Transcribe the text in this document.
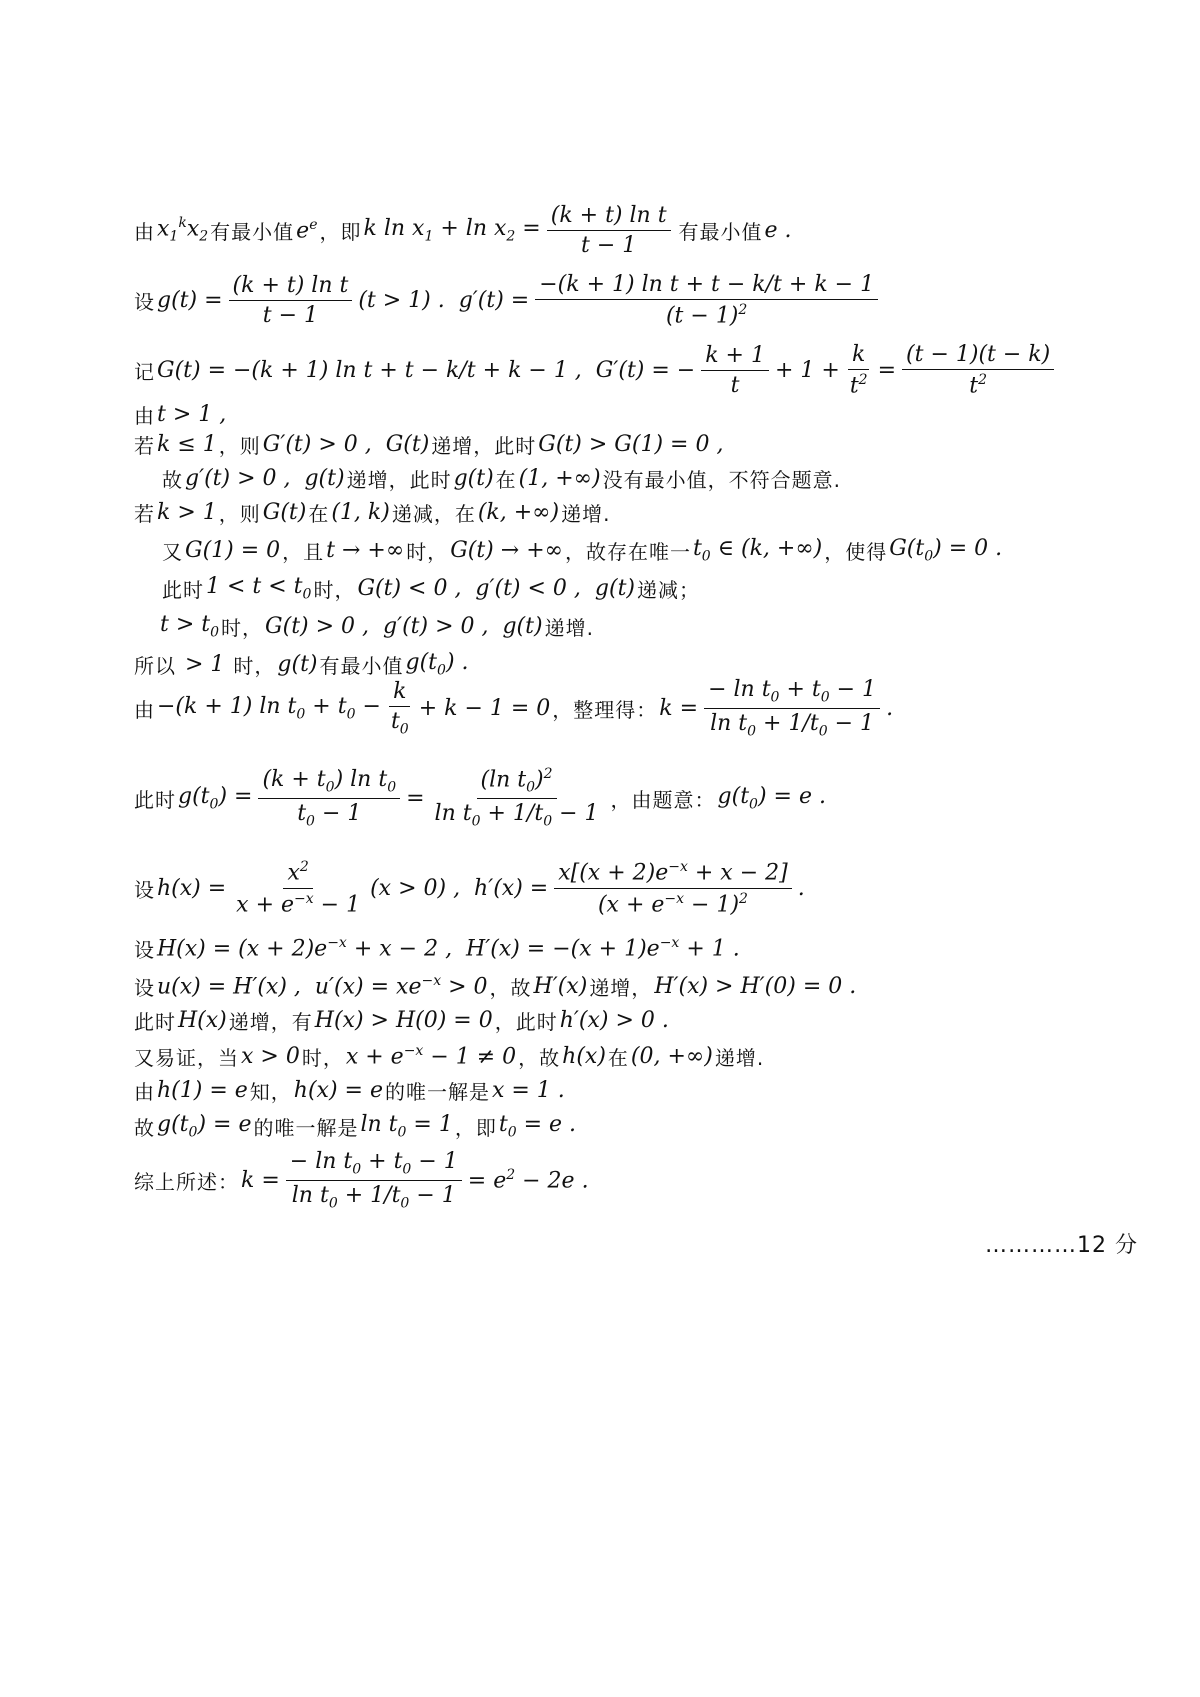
由 $x_1^kx_2$ 有最小值 $e^e$ ，即 k $\ln x_1 + \ln x_2 = \frac{\text{(k + t) ln t}}{t - 1}$ 有最小值 e .
设 $g(t) = \frac{\text{(k + t) ln t}}{t - 1} (t > 1)$ .  $g'(t) = \frac{\text{−(k + 1) ln t + t − k/t + k − 1}}{(t - 1)^2}$
记 G(t) = −(k + 1) ln t + t − k/t + k − 1 ,  G′(t) = − $\frac{k + 1}{t} + 1 + \frac{k}{t^2} = \frac{(t - 1)(t - k)}{t^2}$
由 t > 1 ,
若 k ≤ 1 ，则 G′(t) > 0 ,  G(t) 递增，此时 G(t) > G(1) = 0 ,
故 g′(t) > 0 ,  g(t) 递增，此时 g(t) 在 (1, +∞) 没有最小值，不符合题意.
若 k > 1 ，则 G(t) 在 (1, k) 递减，在 (k, +∞) 递增.
又 G(1) = 0 ，且 t → +∞ 时， G(t) → +∞ ，故存在唯一 $t_0$ ∈ (k, +∞) ，使得 $G(t_0) = 0$ .
此时 $1 < t < t_0$ 时， G(t) < 0 ,  g′(t) < 0 ,  g(t) 递减；
$t > t_0$ 时， G(t) > 0 ,  g′(t) > 0 ,  g(t) 递增.
所以 > 1 时， g(t) 有最小值 $g(t_0)$ .
由 −(k + 1) $\ln t_0 + t_0 - \frac{k}{t_0} + k - 1 = 0$ ，整理得： $k = \frac{- \ln t_0 + t_0 - 1}{\ln t_0 + 1/t_0 - 1}$ .
此时 $g(t_0) = \frac{(k + t_0) \ln t_0}{t_0 - 1} = \frac{(\ln t_0)^2}{\ln t_0 + 1/t_0 - 1}$ ，由题意： $g(t_0) = e$ .
设 $h(x) = \frac{x^2}{x + e^{-x} - 1} (x > 0)$ ,  $h'(x) = \frac{x[(x + 2)e^{-x} + x - 2]}{(x + e^{-x} - 1)^2}$ .
设 $H(x) = (x + 2)e^{-x} + x - 2$ ,  $H'(x) = -(x + 1)e^{-x} + 1$ .
设 u(x) = H′(x) ,  $u'(x) = xe^{-x} > 0$ ，故 H′(x) 递增， H′(x) > H′(0) = 0 .
此时 H(x) 递增，有 H(x) > H(0) = 0 ，此时 h′(x) > 0 .
又易证，当 x > 0 时， $x + e^{-x} - 1 \ne 0$ ，故 h(x) 在 (0, +∞) 递增.
由 h(1) = e 知， h(x) = e 的唯一解是 x = 1 .
故 $g(t_0) = e$ 的唯一解是 $\ln t_0 = 1$ ，即 $t_0 = e$ .
综上所述： $k = \frac{- \ln t_0 + t_0 - 1}{\ln t_0 + 1/t_0 - 1} = e^2 - 2e$ .
…………12 分
